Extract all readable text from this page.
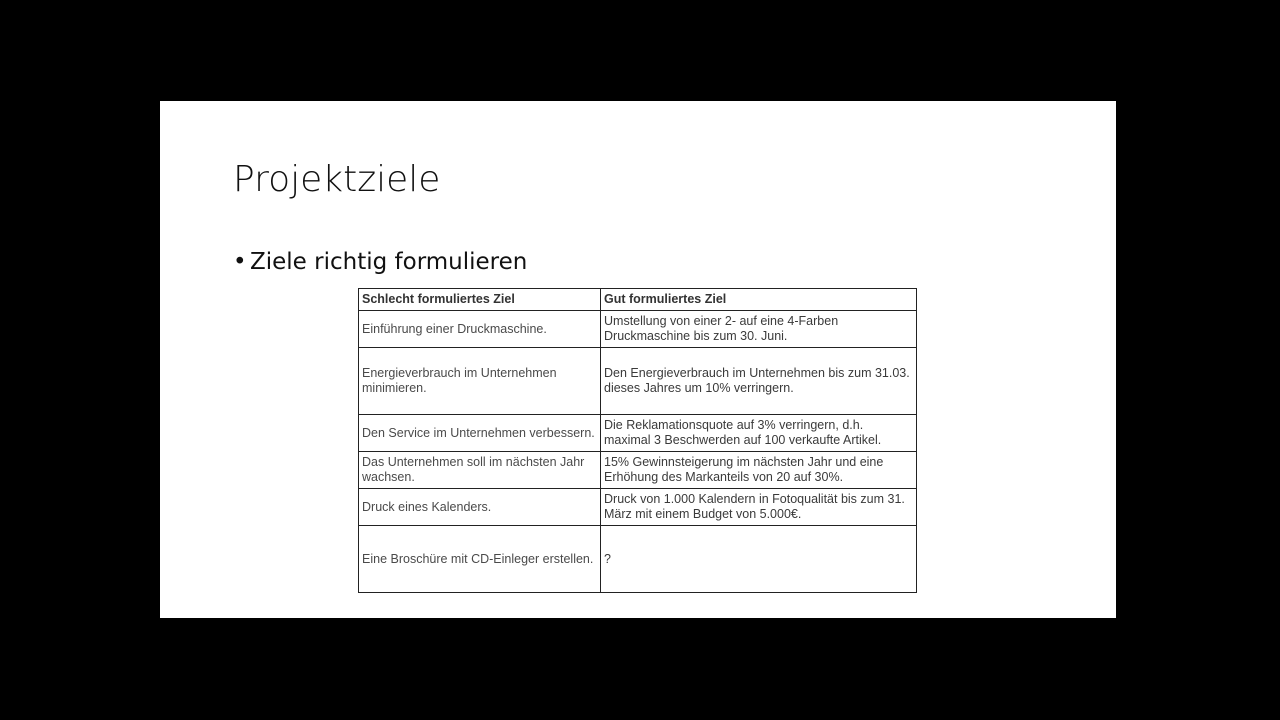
Projektziele
• Ziele richtig formulieren
Schlecht formuliertes Ziel	Gut formuliertes Ziel
Einführung einer Druckmaschine.	Umstellung von einer 2- auf eine 4-Farben Druckmaschine bis zum 30. Juni.
Energieverbrauch im Unternehmen minimieren.	Den Energieverbrauch im Unternehmen bis zum 31.03. dieses Jahres um 10% verringern.
Den Service im Unternehmen verbessern.	Die Reklamationsquote auf 3% verringern, d.h. maximal 3 Beschwerden auf 100 verkaufte Artikel.
Das Unternehmen soll im nächsten Jahr wachsen.	15% Gewinnsteigerung im nächsten Jahr und eine Erhöhung des Markanteils von 20 auf 30%.
Druck eines Kalenders.	Druck von 1.000 Kalendern in Fotoqualität bis zum 31. März mit einem Budget von 5.000€.
Eine Broschüre mit CD-Einleger erstellen.	?
